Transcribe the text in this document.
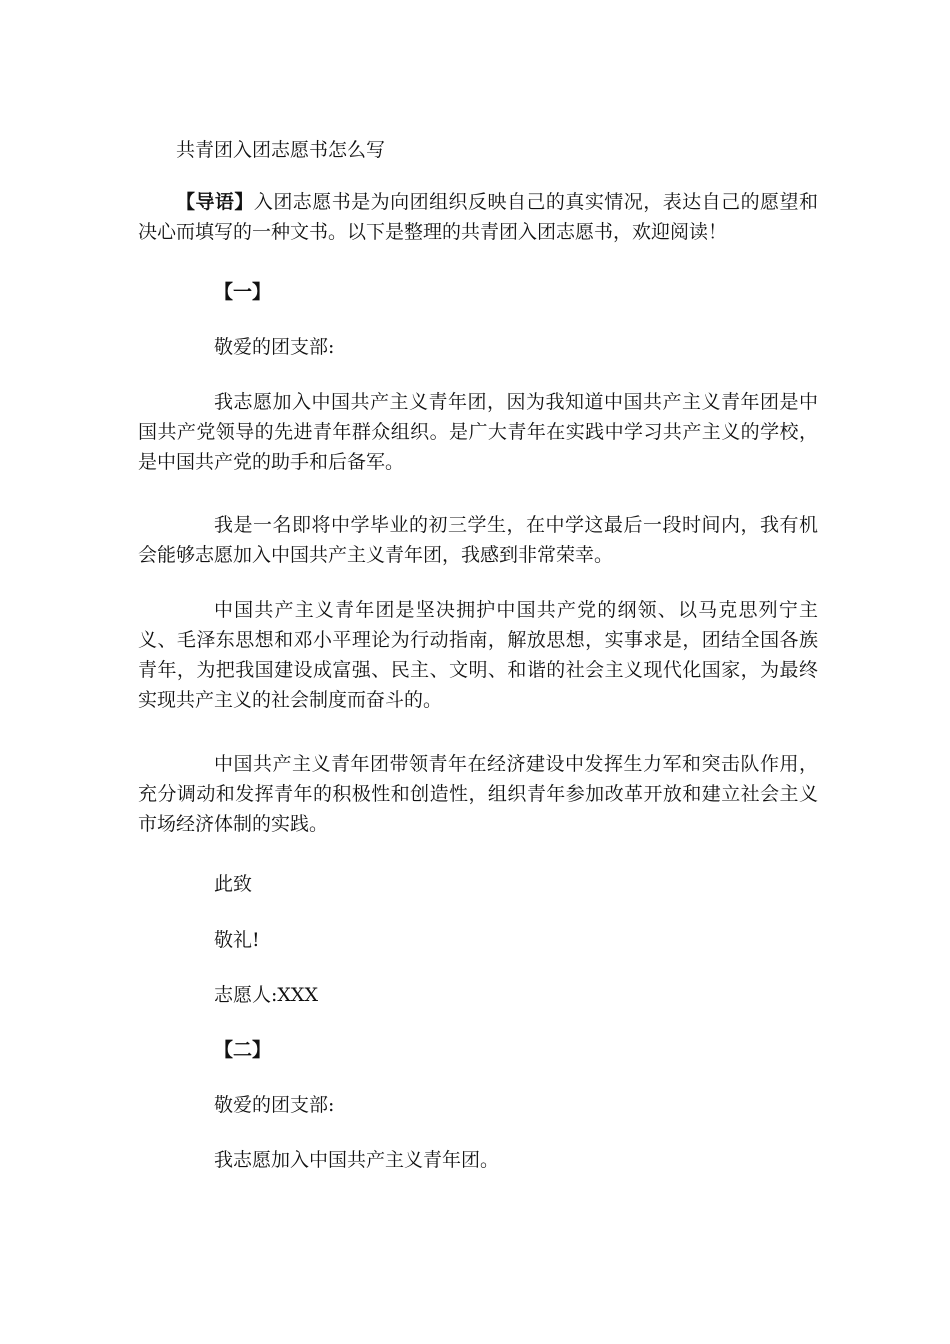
共青团入团志愿书怎么写
【导语】入团志愿书是为向团组织反映自己的真实情况，表达自己的愿望和决心而填写的一种文书。以下是整理的共青团入团志愿书，欢迎阅读！
【一】
敬爱的团支部:
我志愿加入中国共产主义青年团，因为我知道中国共产主义青年团是中国共产党领导的先进青年群众组织。是广大青年在实践中学习共产主义的学校，是中国共产党的助手和后备军。
我是一名即将中学毕业的初三学生，在中学这最后一段时间内，我有机会能够志愿加入中国共产主义青年团，我感到非常荣幸。
中国共产主义青年团是坚决拥护中国共产党的纲领、以马克思列宁主义、毛泽东思想和邓小平理论为行动指南，解放思想，实事求是，团结全国各族青年，为把我国建设成富强、民主、文明、和谐的社会主义现代化国家，为最终实现共产主义的社会制度而奋斗的。
中国共产主义青年团带领青年在经济建设中发挥生力军和突击队作用，充分调动和发挥青年的积极性和创造性，组织青年参加改革开放和建立社会主义市场经济体制的实践。
此致
敬礼!
志愿人:XXX
【二】
敬爱的团支部:
我志愿加入中国共产主义青年团。
